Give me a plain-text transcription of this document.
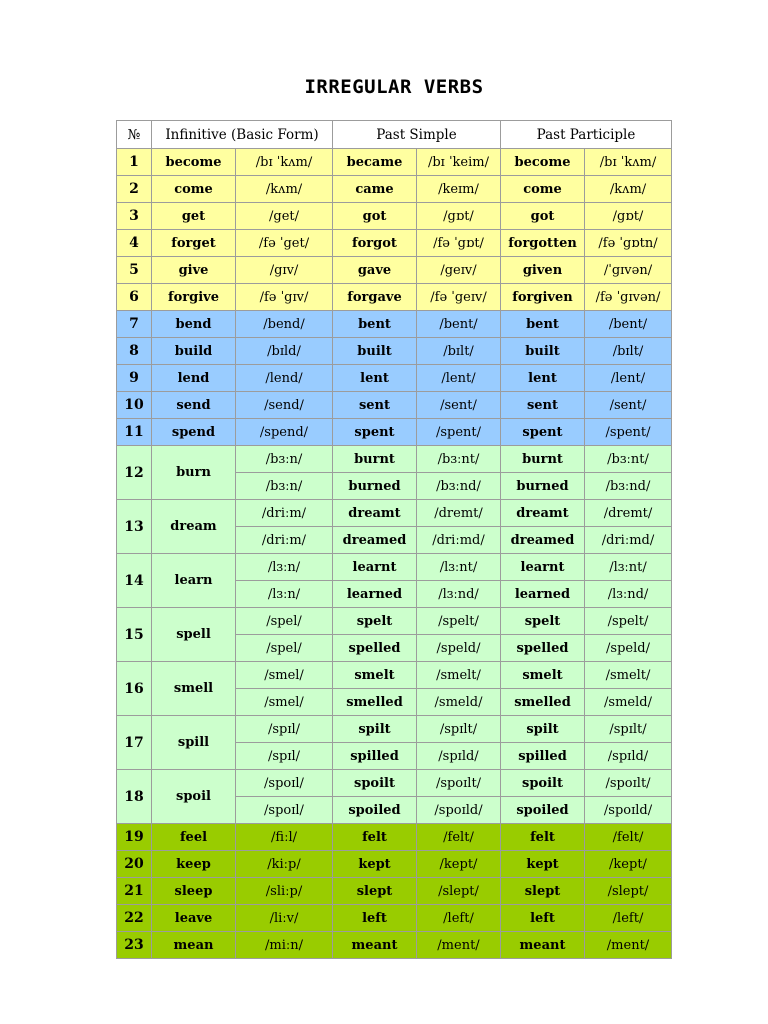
IRREGULAR VERBS
№	Infinitive (Basic Form)		Past Simple		Past Participle	
1	become	/bɪ ˈkʌm/	became	/bɪ ˈkeim/	become	/bɪ ˈkʌm/
2	come	/kʌm/	came	/keɪm/	come	/kʌm/
3	get	/get/	got	/gɒt/	got	/gɒt/
4	forget	/fə ˈget/	forgot	/fə ˈgɒt/	forgotten	/fə ˈgɒtn/
5	give	/gɪv/	gave	/geɪv/	given	/ˈgɪvən/
6	forgive	/fə ˈgɪv/	forgave	/fə ˈgeɪv/	forgiven	/fə ˈgɪvən/
7	bend	/bend/	bent	/bent/	bent	/bent/
8	build	/bɪld/	built	/bɪlt/	built	/bɪlt/
9	lend	/lend/	lent	/lent/	lent	/lent/
10	send	/send/	sent	/sent/	sent	/sent/
11	spend	/spend/	spent	/spent/	spent	/spent/
12	burn	/bɜːn/	burnt	/bɜːnt/	burnt	/bɜːnt/
		/bɜːn/	burned	/bɜːnd/	burned	/bɜːnd/
13	dream	/driːm/	dreamt	/dremt/	dreamt	/dremt/
		/driːm/	dreamed	/driːmd/	dreamed	/driːmd/
14	learn	/lɜːn/	learnt	/lɜːnt/	learnt	/lɜːnt/
		/lɜːn/	learned	/lɜːnd/	learned	/lɜːnd/
15	spell	/spel/	spelt	/spelt/	spelt	/spelt/
		/spel/	spelled	/speld/	spelled	/speld/
16	smell	/smel/	smelt	/smelt/	smelt	/smelt/
		/smel/	smelled	/smeld/	smelled	/smeld/
17	spill	/spɪl/	spilt	/spɪlt/	spilt	/spɪlt/
		/spɪl/	spilled	/spɪld/	spilled	/spɪld/
18	spoil	/spoɪl/	spoilt	/spoɪlt/	spoilt	/spoɪlt/
		/spoɪl/	spoiled	/spoɪld/	spoiled	/spoɪld/
19	feel	/fiːl/	felt	/felt/	felt	/felt/
20	keep	/kiːp/	kept	/kept/	kept	/kept/
21	sleep	/sliːp/	slept	/slept/	slept	/slept/
22	leave	/liːv/	left	/left/	left	/left/
23	mean	/miːn/	meant	/ment/	meant	/ment/
